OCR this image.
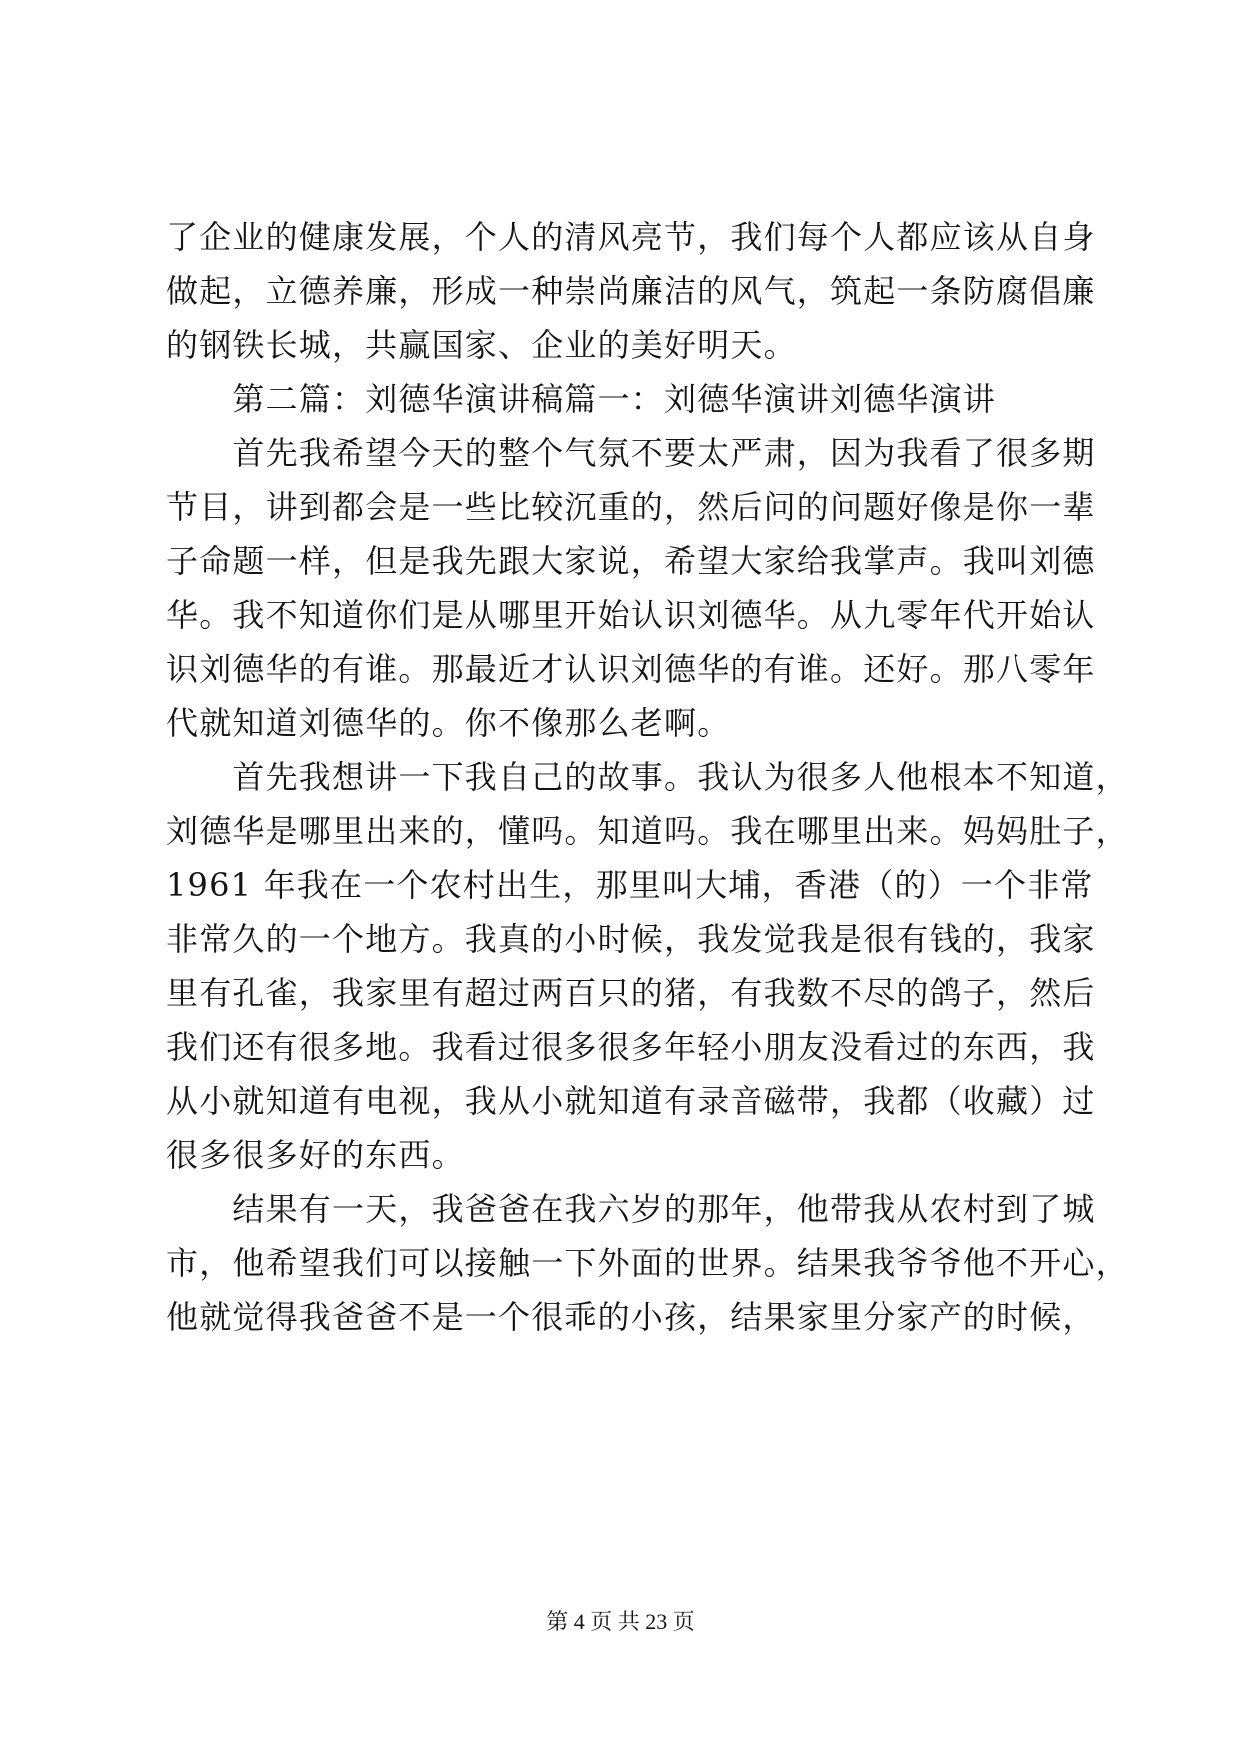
了企业的健康发展，个人的清风亮节，我们每个人都应该从自身
做起，立德养廉，形成一种崇尚廉洁的风气，筑起一条防腐倡廉
的钢铁长城，共赢国家、企业的美好明天。
　　第二篇：刘德华演讲稿篇一：刘德华演讲刘德华演讲
　　首先我希望今天的整个气氛不要太严肃，因为我看了很多期
节目，讲到都会是一些比较沉重的，然后问的问题好像是你一辈
子命题一样，但是我先跟大家说，希望大家给我掌声。我叫刘德
华。我不知道你们是从哪里开始认识刘德华。从九零年代开始认
识刘德华的有谁。那最近才认识刘德华的有谁。还好。那八零年
代就知道刘德华的。你不像那么老啊。
　　首先我想讲一下我自己的故事。我认为很多人他根本不知道，
刘德华是哪里出来的，懂吗。知道吗。我在哪里出来。妈妈肚子，
1961 年我在一个农村出生，那里叫大埔，香港（的）一个非常
非常久的一个地方。我真的小时候，我发觉我是很有钱的，我家
里有孔雀，我家里有超过两百只的猪，有我数不尽的鸽子，然后
我们还有很多地。我看过很多很多年轻小朋友没看过的东西，我
从小就知道有电视，我从小就知道有录音磁带，我都（收藏）过
很多很多好的东西。
　　结果有一天，我爸爸在我六岁的那年，他带我从农村到了城
市，他希望我们可以接触一下外面的世界。结果我爷爷他不开心，
他就觉得我爸爸不是一个很乖的小孩，结果家里分家产的时候，
第 4 页 共 23 页
